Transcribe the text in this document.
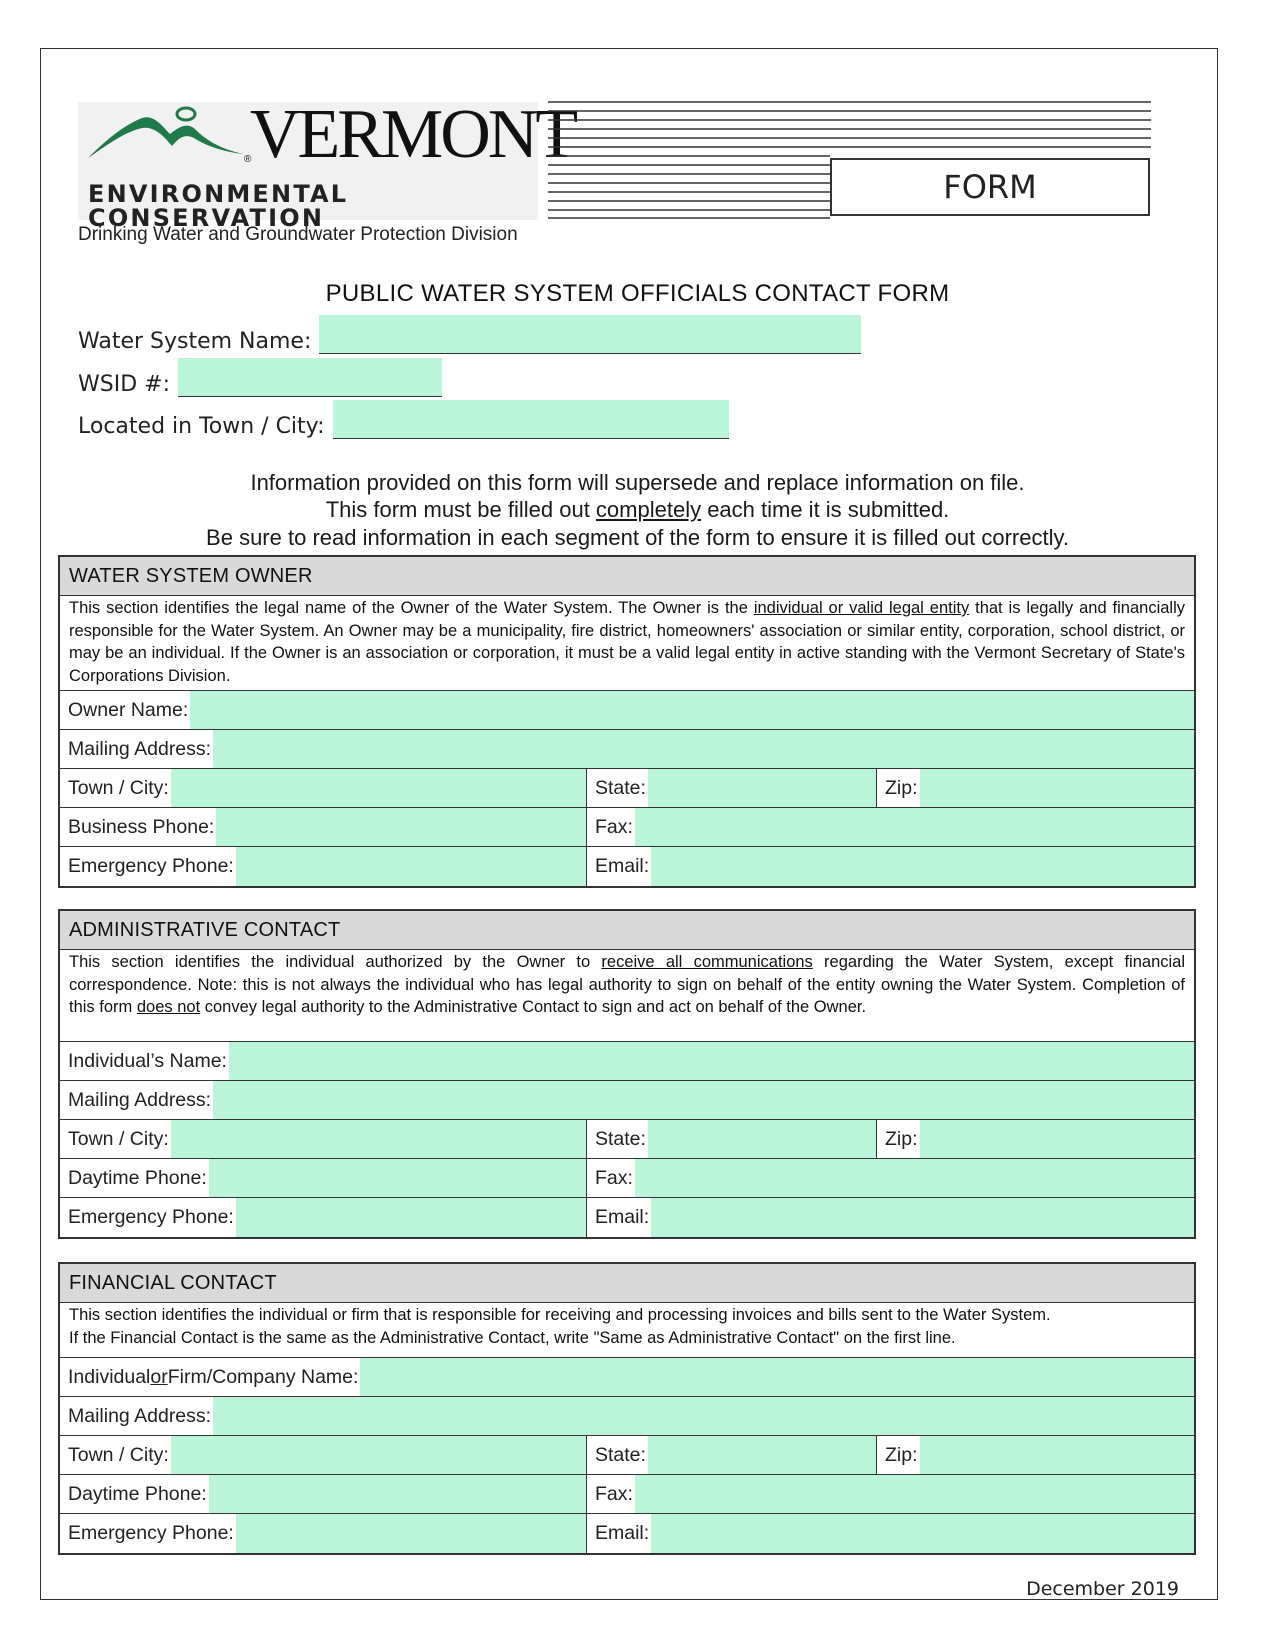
VERMONT
®
ENVIRONMENTAL CONSERVATION
Drinking Water and Groundwater Protection Division
FORM
PUBLIC WATER SYSTEM OFFICIALS CONTACT FORM
Water System Name:
WSID #:
Located in Town / City:
Information provided on this form will supersede and replace information on file.
This form must be filled out completely each time it is submitted.
Be sure to read information in each segment of the form to ensure it is filled out correctly.
WATER SYSTEM OWNER
This section identifies the legal name of the Owner of the Water System. The Owner is the individual or valid legal entity that is legally and financially responsible for the Water System. An Owner may be a municipality, fire district, homeowners' association or similar entity, corporation, school district, or may be an individual. If the Owner is an association or corporation, it must be a valid legal entity in active standing with the Vermont Secretary of State's Corporations Division.
Owner Name:
Mailing Address:
Town / City:	State:	Zip:
Business Phone:	Fax:
Emergency Phone:	Email:
ADMINISTRATIVE CONTACT
This section identifies the individual authorized by the Owner to receive all communications regarding the Water System, except financial correspondence. Note: this is not always the individual who has legal authority to sign on behalf of the entity owning the Water System. Completion of this form does not convey legal authority to the Administrative Contact to sign and act on behalf of the Owner.
Individual’s Name:
Mailing Address:
Town / City:	State:	Zip:
Daytime Phone:	Fax:
Emergency Phone:	Email:
FINANCIAL CONTACT
This section identifies the individual or firm that is responsible for receiving and processing invoices and bills sent to the Water System.
If the Financial Contact is the same as the Administrative Contact, write "Same as Administrative Contact" on the first line.
Individual or Firm/Company Name:
Mailing Address:
Town / City:	State:	Zip:
Daytime Phone:	Fax:
Emergency Phone:	Email:
December 2019
